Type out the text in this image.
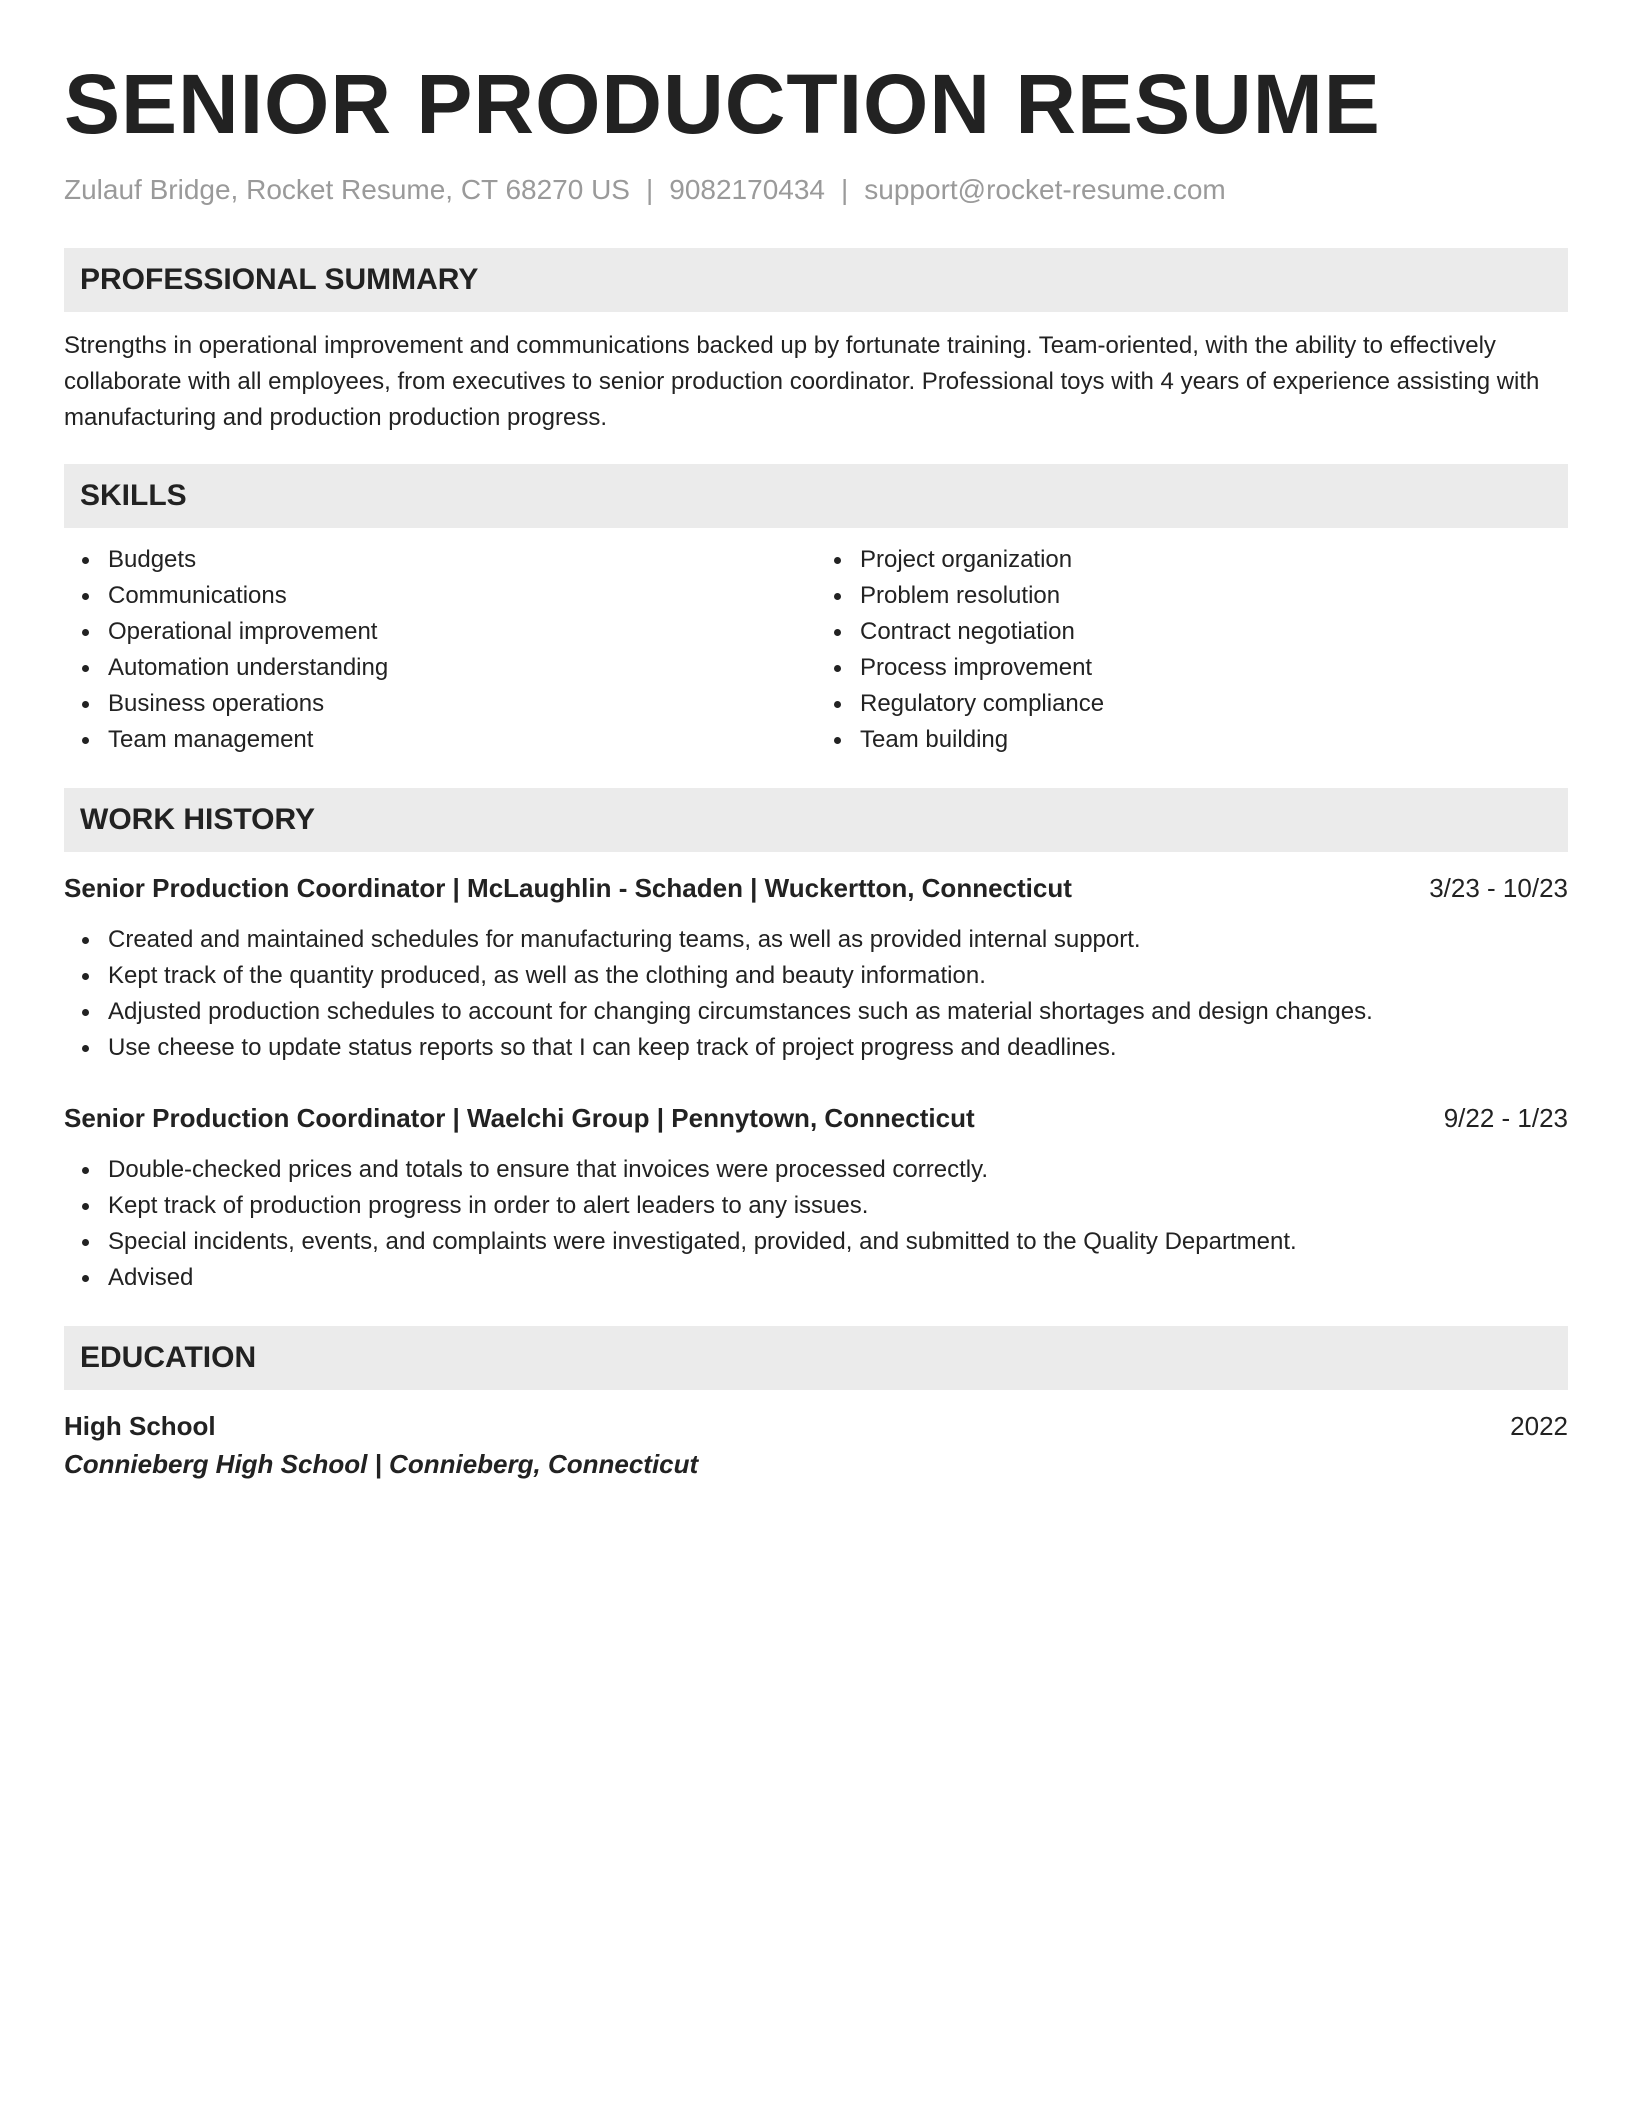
SENIOR PRODUCTION RESUME
Zulauf Bridge, Rocket Resume, CT 68270 US | 9082170434 | support@rocket-resume.com
PROFESSIONAL SUMMARY
Strengths in operational improvement and communications backed up by fortunate training. Team-oriented, with the ability to effectively collaborate with all employees, from executives to senior production coordinator. Professional toys with 4 years of experience assisting with manufacturing and production production progress.
SKILLS
Budgets
Communications
Operational improvement
Automation understanding
Business operations
Team management
Project organization
Problem resolution
Contract negotiation
Process improvement
Regulatory compliance
Team building
WORK HISTORY
Senior Production Coordinator | McLaughlin - Schaden | Wuckertton, Connecticut	3/23 - 10/23
Created and maintained schedules for manufacturing teams, as well as provided internal support.
Kept track of the quantity produced, as well as the clothing and beauty information.
Adjusted production schedules to account for changing circumstances such as material shortages and design changes.
Use cheese to update status reports so that I can keep track of project progress and deadlines.
Senior Production Coordinator | Waelchi Group | Pennytown, Connecticut	9/22 - 1/23
Double-checked prices and totals to ensure that invoices were processed correctly.
Kept track of production progress in order to alert leaders to any issues.
Special incidents, events, and complaints were investigated, provided, and submitted to the Quality Department.
Advised
EDUCATION
High School	2022
Connieberg High School | Connieberg, Connecticut
